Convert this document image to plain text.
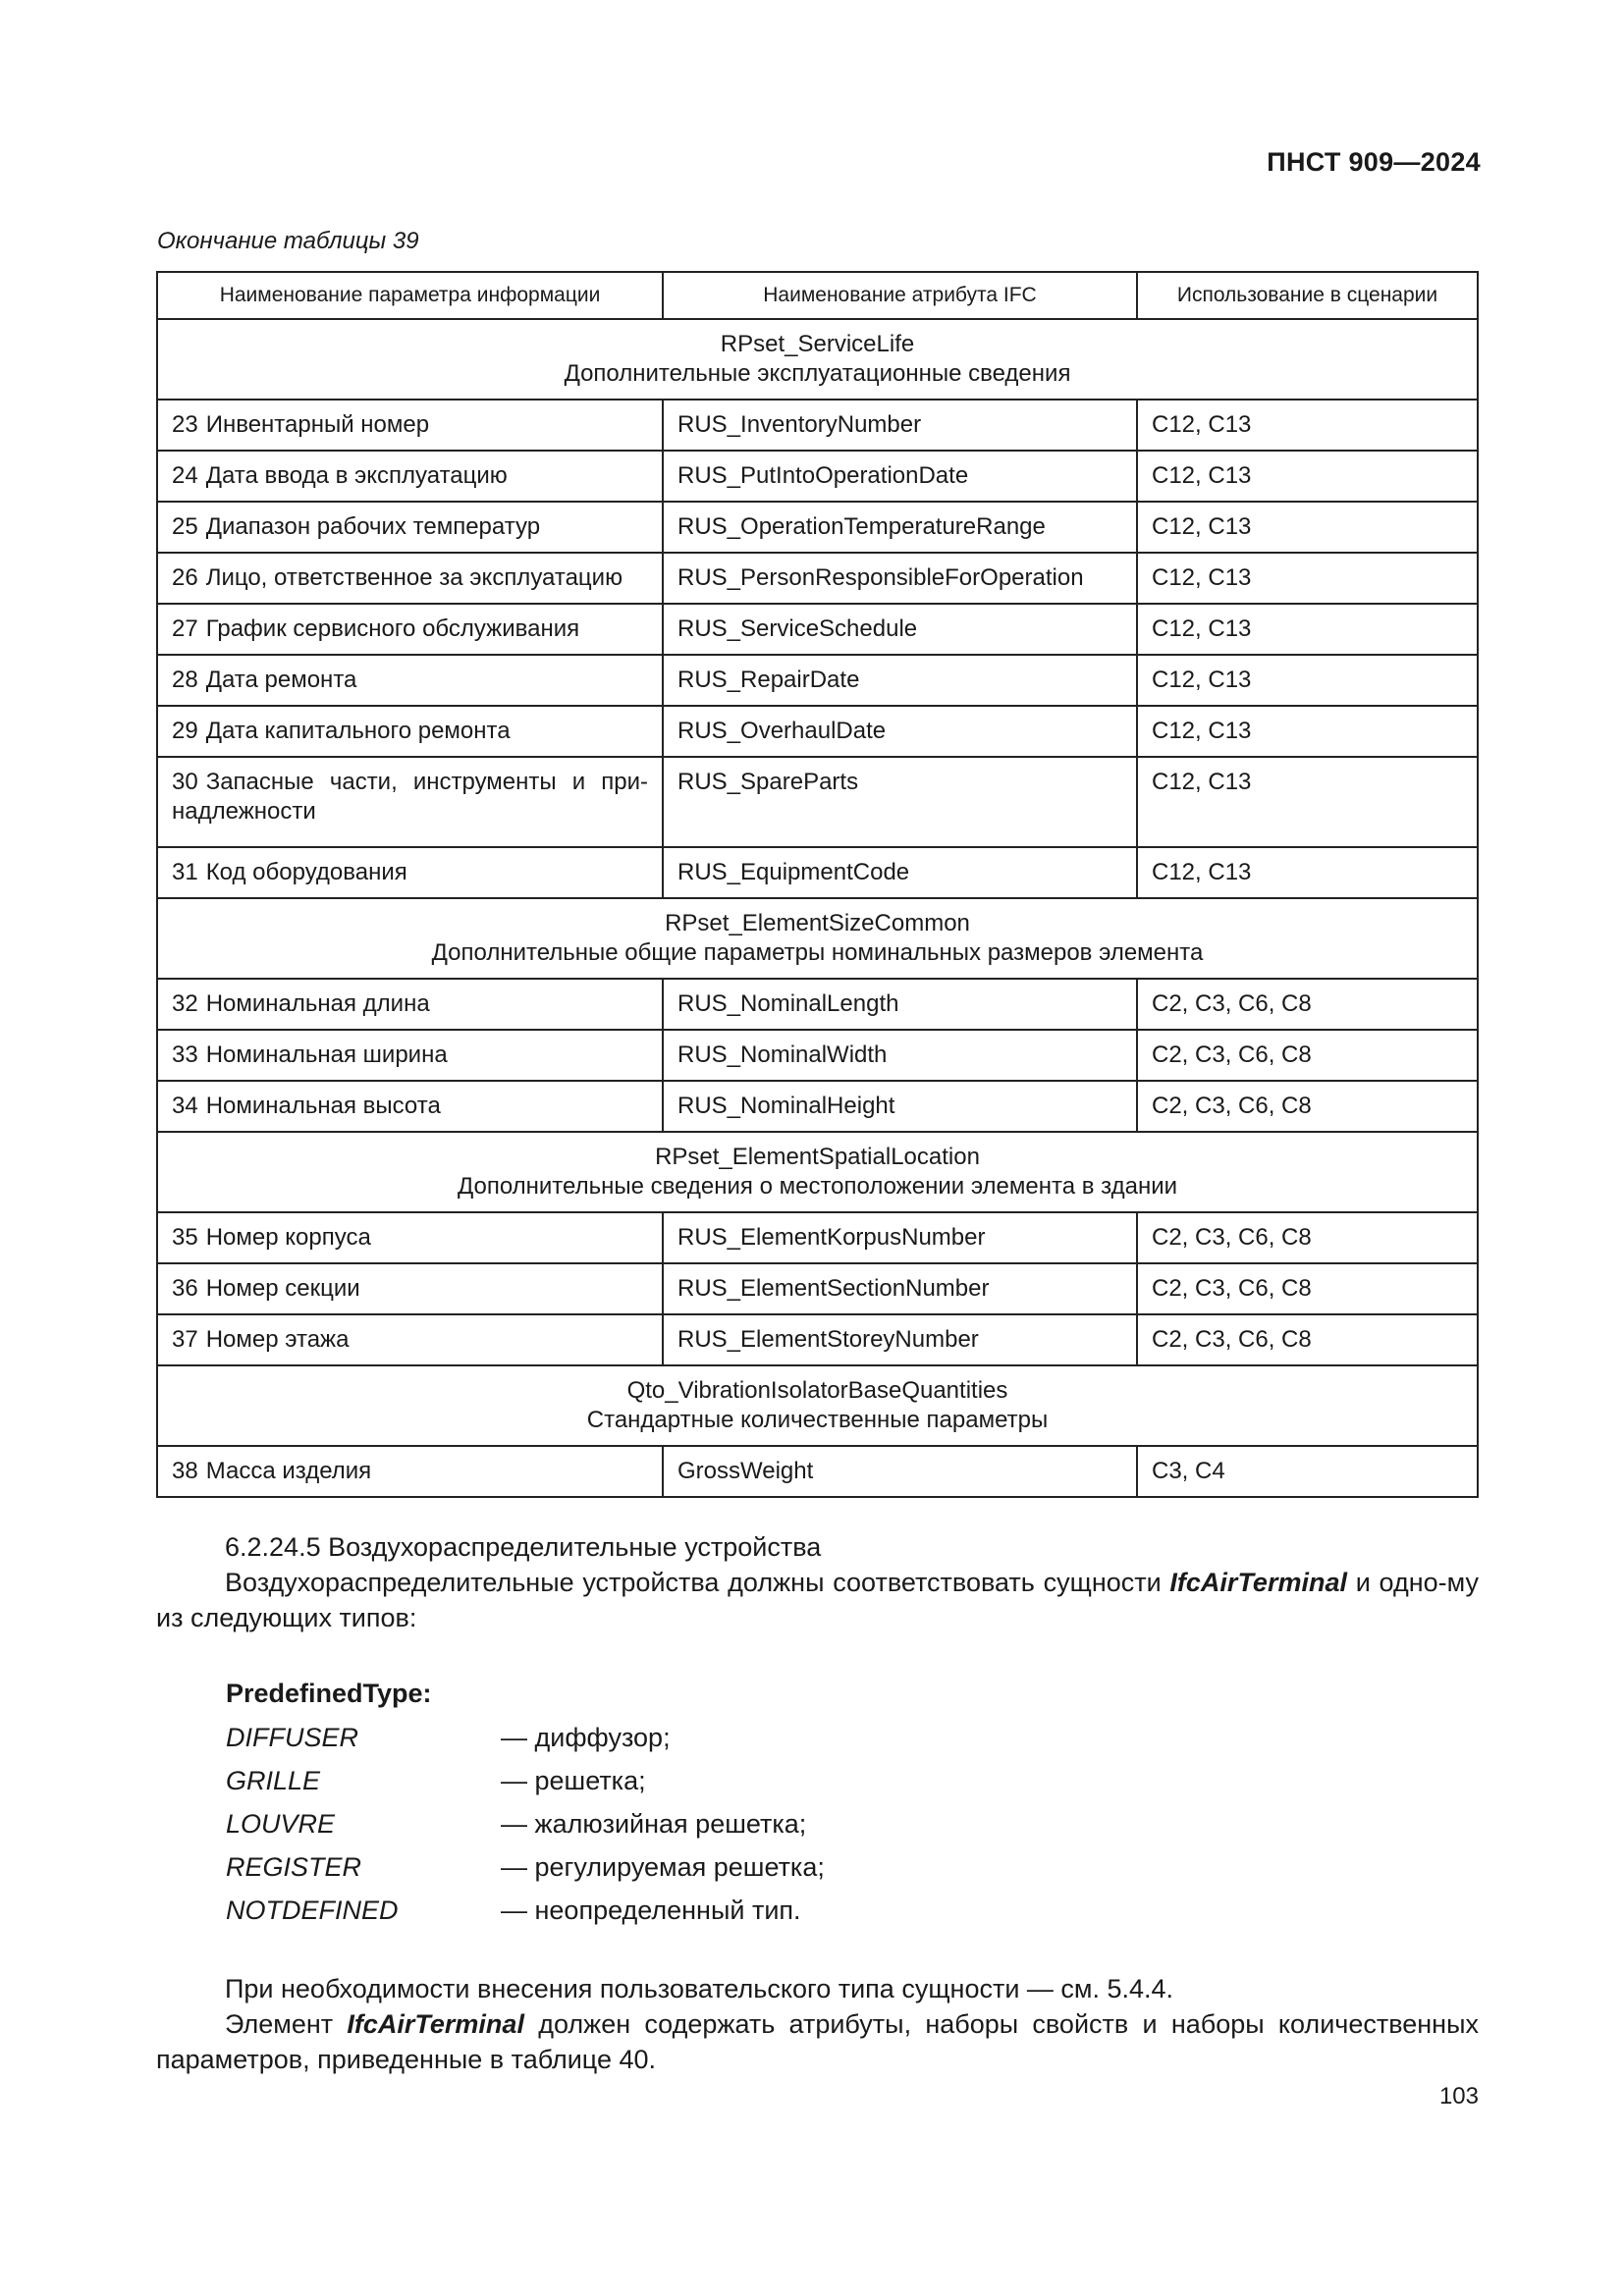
ПНСТ 909—2024
Окончание таблицы 39
Наименование параметра информации	Наименование атрибута IFC	Использование в сценарии

RPset_ServiceLife
Дополнительные эксплуатационные сведения		

23 Инвентарный номер	RUS_InventoryNumber	C12, C13
24 Дата ввода в эксплуатацию	RUS_PutIntoOperationDate	C12, C13
25 Диапазон рабочих температур	RUS_OperationTemperatureRange	C12, C13
26 Лицо, ответственное за эксплуатацию	RUS_PersonResponsibleForOperation	C12, C13
27 График сервисного обслуживания	RUS_ServiceSchedule	C12, C13
28 Дата ремонта	RUS_RepairDate	C12, C13
29 Дата капитального ремонта	RUS_OverhaulDate	C12, C13
30 Запасные части, инструменты и при-надлежности	RUS_SpareParts	C12, C13
31 Код оборудования	RUS_EquipmentCode	C12, C13

RPset_ElementSizeCommon
Дополнительные общие параметры номинальных размеров элемента		

32 Номинальная длина	RUS_NominalLength	C2, C3, C6, C8
33 Номинальная ширина	RUS_NominalWidth	C2, C3, C6, C8
34 Номинальная высота	RUS_NominalHeight	C2, C3, C6, C8

RPset_ElementSpatialLocation
Дополнительные сведения о местоположении элемента в здании		

35 Номер корпуса	RUS_ElementKorpusNumber	C2, C3, C6, C8
36 Номер секции	RUS_ElementSectionNumber	C2, C3, C6, C8
37 Номер этажа	RUS_ElementStoreyNumber	C2, C3, C6, C8

Qto_VibrationIsolatorBaseQuantities
Стандартные количественные параметры		

38 Масса изделия	GrossWeight	C3, C4
6.2.24.5 Воздухораспределительные устройства
Воздухораспределительные устройства должны соответствовать сущности IfcAirTerminal и одно-му из следующих типов:
PredefinedType:
DIFFUSER	— диффузор;
GRILLE	— решетка;
LOUVRE	— жалюзийная решетка;
REGISTER	— регулируемая решетка;
NOTDEFINED	— неопределенный тип.
При необходимости внесения пользовательского типа сущности — см. 5.4.4.
Элемент IfcAirTerminal должен содержать атрибуты, наборы свойств и наборы количественных параметров, приведенные в таблице 40.
103
